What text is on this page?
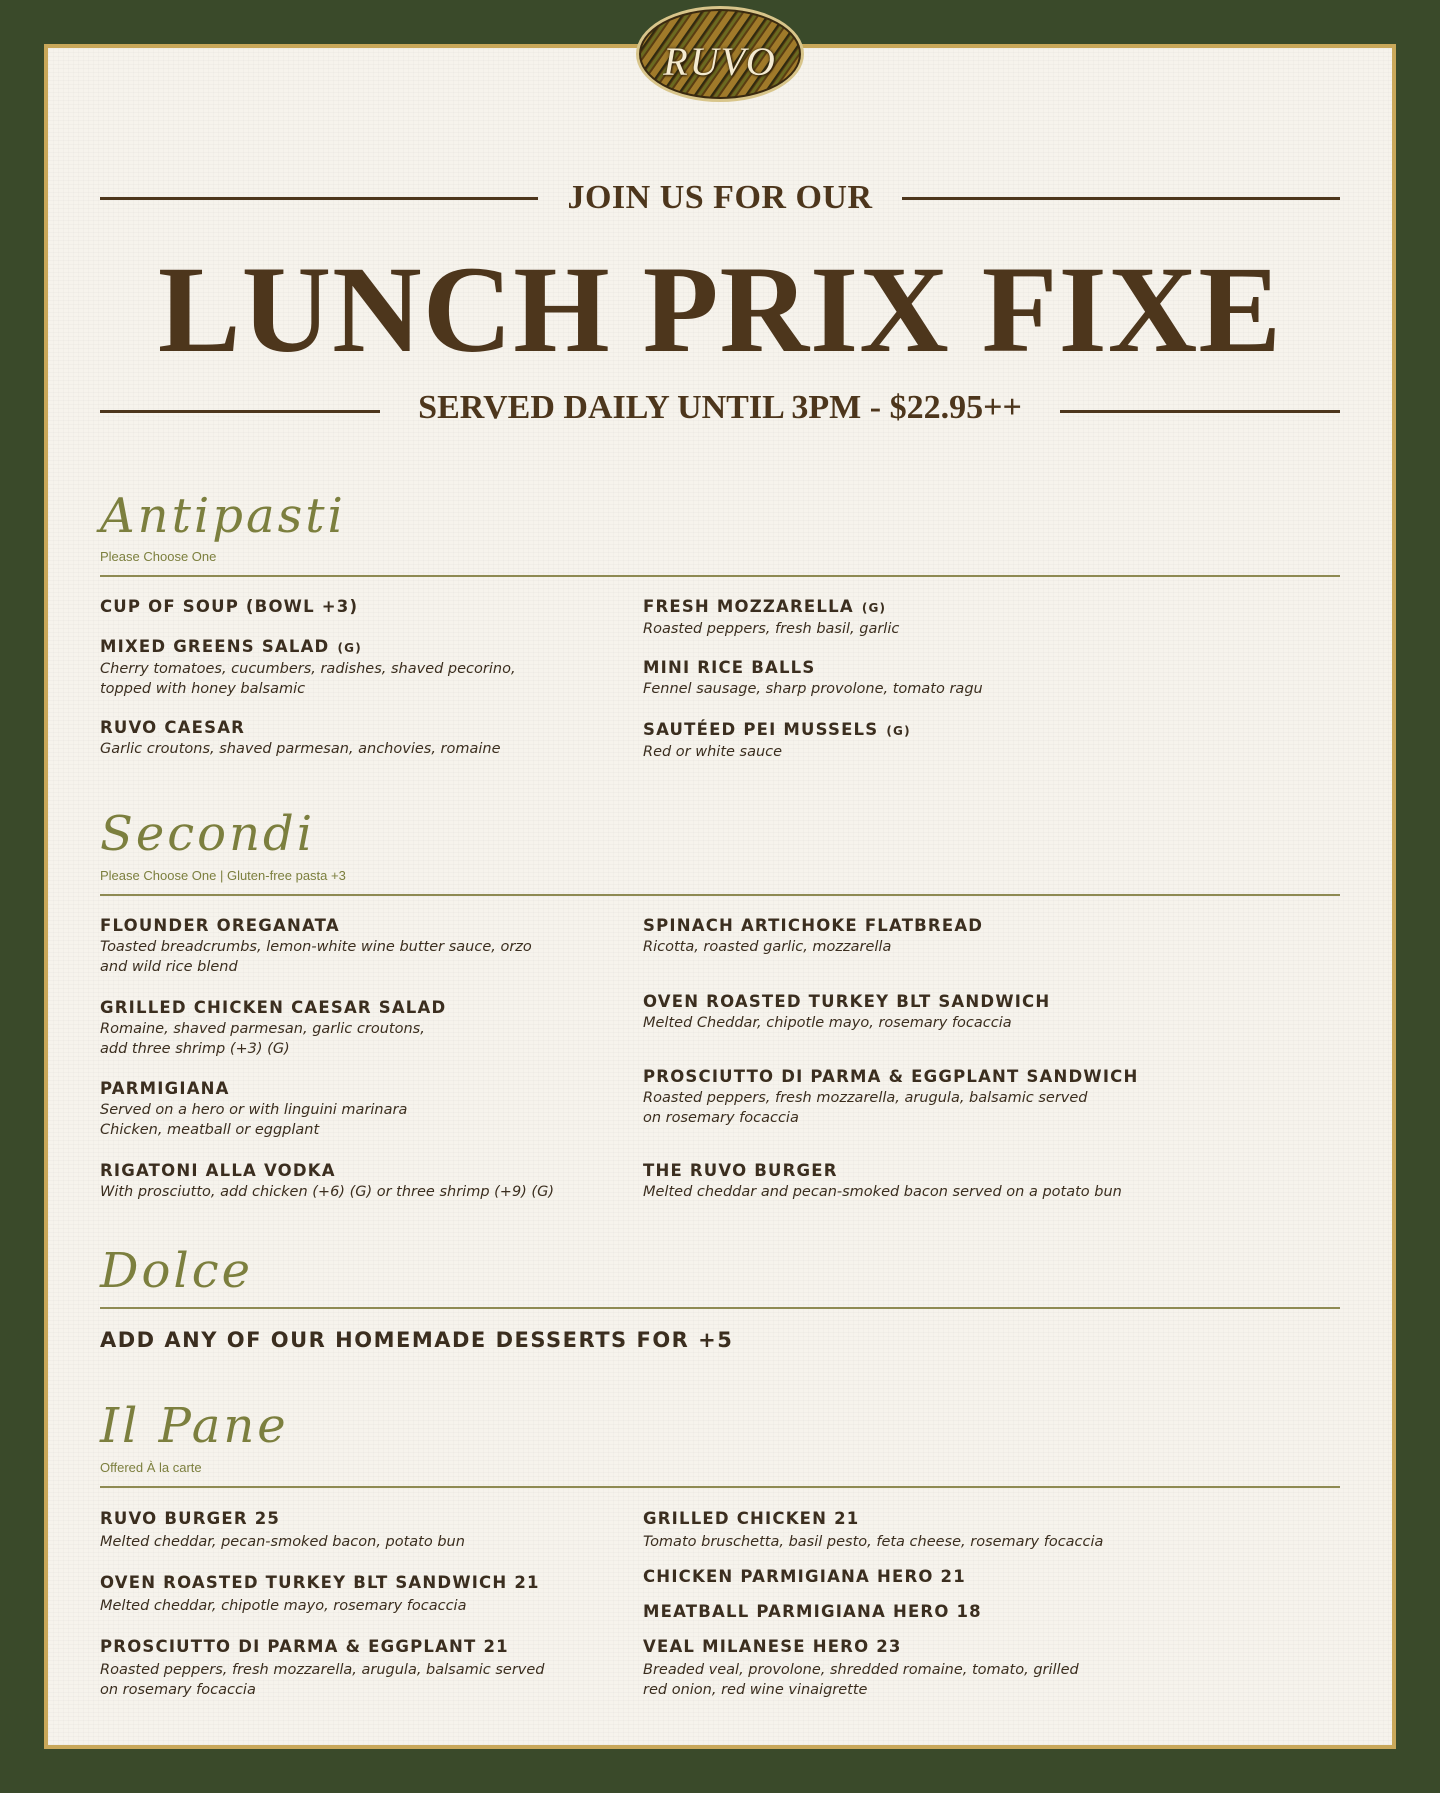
RUVO
JOIN US FOR OUR
LUNCH PRIX FIXE
SERVED DAILY UNTIL 3PM - $22.95++
Antipasti
Please Choose One
CUP OF SOUP (BOWL +3)
MIXED GREENS SALAD (G)
Cherry tomatoes, cucumbers, radishes, shaved pecorino,
topped with honey balsamic
RUVO CAESAR
Garlic croutons, shaved parmesan, anchovies, romaine
FRESH MOZZARELLA (G)
Roasted peppers, fresh basil, garlic
MINI RICE BALLS
Fennel sausage, sharp provolone, tomato ragu
SAUTÉED PEI MUSSELS (G)
Red or white sauce
Secondi
Please Choose One | Gluten-free pasta +3
FLOUNDER OREGANATA
Toasted breadcrumbs, lemon-white wine butter sauce, orzo
and wild rice blend
GRILLED CHICKEN CAESAR SALAD
Romaine, shaved parmesan, garlic croutons,
add three shrimp (+3) (G)
PARMIGIANA
Served on a hero or with linguini marinara
Chicken, meatball or eggplant
RIGATONI ALLA VODKA
With prosciutto, add chicken (+6) (G) or three shrimp (+9) (G)
SPINACH ARTICHOKE FLATBREAD
Ricotta, roasted garlic, mozzarella
OVEN ROASTED TURKEY BLT SANDWICH
Melted Cheddar, chipotle mayo, rosemary focaccia
PROSCIUTTO DI PARMA & EGGPLANT SANDWICH
Roasted peppers, fresh mozzarella, arugula, balsamic served
on rosemary focaccia
THE RUVO BURGER
Melted cheddar and pecan-smoked bacon served on a potato bun
Dolce
ADD ANY OF OUR HOMEMADE DESSERTS FOR +5
Il Pane
Offered À la carte
RUVO BURGER 25
Melted cheddar, pecan-smoked bacon, potato bun
OVEN ROASTED TURKEY BLT SANDWICH 21
Melted cheddar, chipotle mayo, rosemary focaccia
PROSCIUTTO DI PARMA & EGGPLANT 21
Roasted peppers, fresh mozzarella, arugula, balsamic served
on rosemary focaccia
GRILLED CHICKEN 21
Tomato bruschetta, basil pesto, feta cheese, rosemary focaccia
CHICKEN PARMIGIANA HERO 21
MEATBALL PARMIGIANA HERO 18
VEAL MILANESE HERO 23
Breaded veal, provolone, shredded romaine, tomato, grilled
red onion, red wine vinaigrette
